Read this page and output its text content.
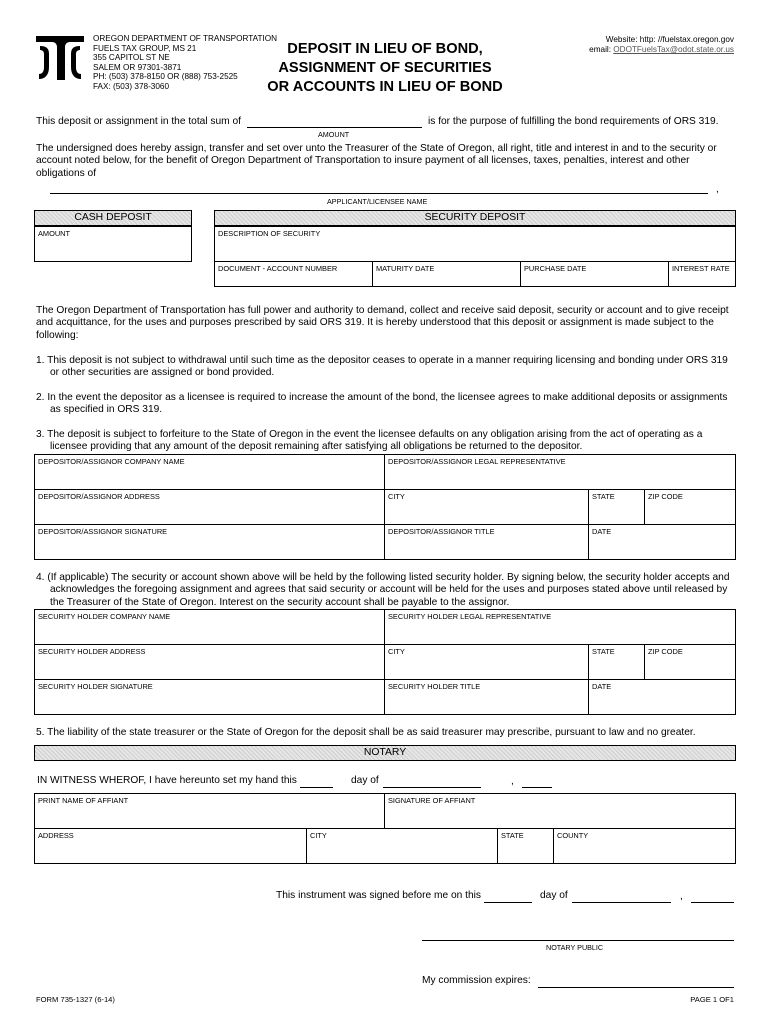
OREGON DEPARTMENT OF TRANSPORTATION
FUELS TAX GROUP, MS 21
355 CAPITOL ST NE
SALEM OR 97301-3871
PH: (503) 378-8150 OR (888) 753-2525
FAX: (503) 378-3060
DEPOSIT IN LIEU OF BOND,
ASSIGNMENT OF SECURITIES
OR ACCOUNTS IN LIEU OF BOND
Website: http: //fuelstax.oregon.gov
email: ODOTFuelsTax@odot.state.or.us
This deposit or assignment in the total sum of	is for the purpose of fulfilling the bond requirements of ORS 319.
AMOUNT
The undersigned does hereby assign, transfer and set over unto the Treasurer of the State of Oregon, all right, title and interest in and to the security or account noted below, for the benefit of Oregon Department of Transportation to insure payment of all licenses, taxes, penalties, interest and other obligations of
,
APPLICANT/LICENSEE NAME
CASH DEPOSIT
AMOUNT
SECURITY DEPOSIT
DESCRIPTION OF SECURITY
DOCUMENT - ACCOUNT NUMBER	MATURITY DATE	PURCHASE DATE	INTEREST RATE
The Oregon Department of Transportation has full power and authority to demand, collect and receive said deposit, security or account and to give receipt and acquittance, for the uses and purposes prescribed by said ORS 319. It is hereby understood that this deposit or assignment is made subject to the following:
1. This deposit is not subject to withdrawal until such time as the depositor ceases to operate in a manner requiring licensing and bonding under ORS 319 or other securities are assigned or bond provided.
2. In the event the depositor as a licensee is required to increase the amount of the bond, the licensee agrees to make additional deposits or assignments as specified in ORS 319.
3. The deposit is subject to forfeiture to the State of Oregon in the event the licensee defaults on any obligation arising from the act of operating as a licensee providing that any amount of the deposit remaining after satisfying all obligations be returned to the depositor.
DEPOSITOR/ASSIGNOR COMPANY NAME	DEPOSITOR/ASSIGNOR LEGAL REPRESENTATIVE
DEPOSITOR/ASSIGNOR ADDRESS	CITY	STATE	ZIP CODE
DEPOSITOR/ASSIGNOR SIGNATURE	DEPOSITOR/ASSIGNOR TITLE	DATE
4. (If applicable) The security or account shown above will be held by the following listed security holder. By signing below, the security holder accepts and acknowledges the foregoing assignment and agrees that said security or account will be held for the uses and purposes stated above until released by the Treasurer of the State of Oregon. Interest on the security account shall be payable to the assignor.
SECURITY HOLDER COMPANY NAME	SECURITY HOLDER LEGAL REPRESENTATIVE
SECURITY HOLDER ADDRESS	CITY	STATE	ZIP CODE
SECURITY HOLDER SIGNATURE	SECURITY HOLDER TITLE	DATE
5. The liability of the state treasurer or the State of Oregon for the deposit shall be as said treasurer may prescribe, pursuant to law and no greater.
NOTARY
IN WITNESS WHEROF, I have hereunto set my hand this	day of	,
PRINT NAME OF AFFIANT	SIGNATURE OF AFFIANT
ADDRESS	CITY	STATE	COUNTY
This instrument was signed before me on this	day of	,
NOTARY PUBLIC
My commission expires:
FORM 735-1327 (6-14)	PAGE 1 OF1
